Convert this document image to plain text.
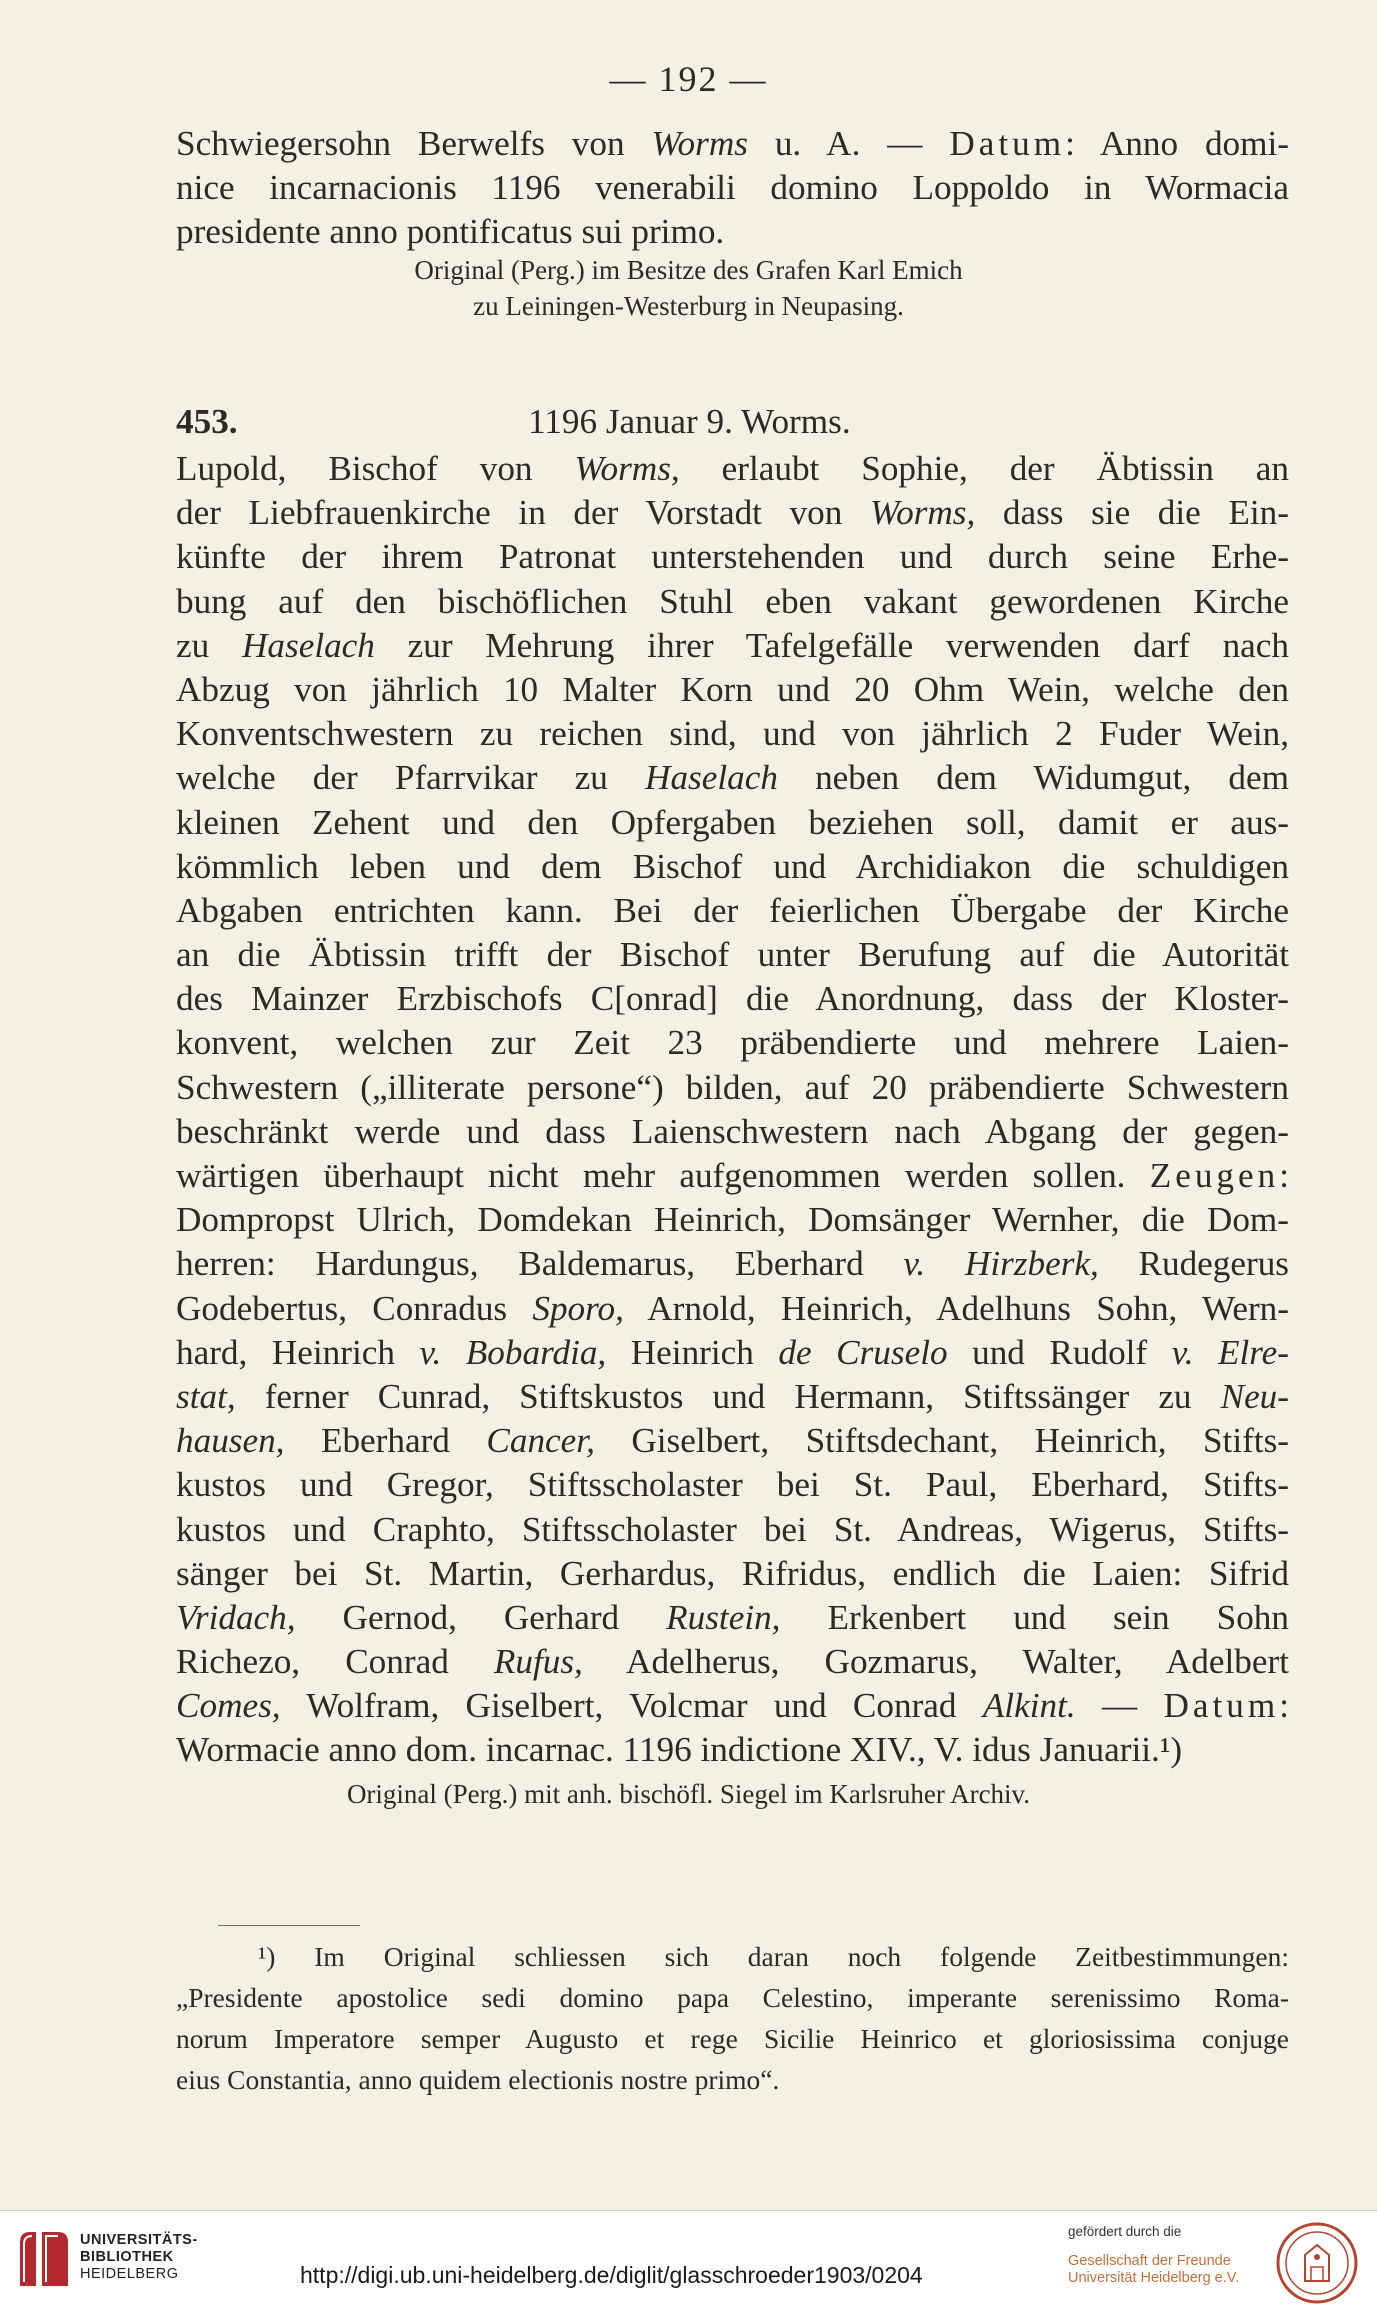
— 192 —
Schwiegersohn Berwelfs von Worms u. A. — Datum: Anno domi-
nice incarnacionis 1196 venerabili domino Loppoldo in Wormacia
presidente anno pontificatus sui primo.
Original (Perg.) im Besitze des Grafen Karl Emich
zu Leiningen-Westerburg in Neupasing.
453.	1196 Januar 9. Worms.
Lupold, Bischof von Worms, erlaubt Sophie, der Äbtissin an
der Liebfrauenkirche in der Vorstadt von Worms, dass sie die Ein-
künfte der ihrem Patronat unterstehenden und durch seine Erhe-
bung auf den bischöflichen Stuhl eben vakant gewordenen Kirche
zu Haselach zur Mehrung ihrer Tafelgefälle verwenden darf nach
Abzug von jährlich 10 Malter Korn und 20 Ohm Wein, welche den
Konventschwestern zu reichen sind, und von jährlich 2 Fuder Wein,
welche der Pfarrvikar zu Haselach neben dem Widumgut, dem
kleinen Zehent und den Opfergaben beziehen soll, damit er aus-
kömmlich leben und dem Bischof und Archidiakon die schuldigen
Abgaben entrichten kann. Bei der feierlichen Übergabe der Kirche
an die Äbtissin trifft der Bischof unter Berufung auf die Autorität
des Mainzer Erzbischofs C[onrad] die Anordnung, dass der Kloster-
konvent, welchen zur Zeit 23 präbendierte und mehrere Laien-
Schwestern („illiterate persone“) bilden, auf 20 präbendierte Schwestern
beschränkt werde und dass Laienschwestern nach Abgang der gegen-
wärtigen überhaupt nicht mehr aufgenommen werden sollen. Zeugen:
Dompropst Ulrich, Domdekan Heinrich, Domsänger Wernher, die Dom-
herren: Hardungus, Baldemarus, Eberhard v. Hirzberk, Rudegerus
Godebertus, Conradus Sporo, Arnold, Heinrich, Adelhuns Sohn, Wern-
hard, Heinrich v. Bobardia, Heinrich de Cruselo und Rudolf v. Elre-
stat, ferner Cunrad, Stiftskustos und Hermann, Stiftssänger zu Neu-
hausen, Eberhard Cancer, Giselbert, Stiftsdechant, Heinrich, Stifts-
kustos und Gregor, Stiftsscholaster bei St. Paul, Eberhard, Stifts-
kustos und Craphto, Stiftsscholaster bei St. Andreas, Wigerus, Stifts-
sänger bei St. Martin, Gerhardus, Rifridus, endlich die Laien: Sifrid
Vridach, Gernod, Gerhard Rustein, Erkenbert und sein Sohn
Richezo, Conrad Rufus, Adelherus, Gozmarus, Walter, Adelbert
Comes, Wolfram, Giselbert, Volcmar und Conrad Alkint. — Datum:
Wormacie anno dom. incarnac. 1196 indictione XIV., V. idus Januarii.¹)
Original (Perg.) mit anh. bischöfl. Siegel im Karlsruher Archiv.
¹) Im Original schliessen sich daran noch folgende Zeitbestimmungen:
„Presidente apostolice sedi domino papa Celestino, imperante serenissimo Roma-
norum Imperatore semper Augusto et rege Sicilie Heinrico et gloriosissima conjuge
eius Constantia, anno quidem electionis nostre primo“.
UNIVERSITÄTS-
BIBLIOTHEK
HEIDELBERG	http://digi.ub.uni-heidelberg.de/diglit/glasschroeder1903/0204
gefördert durch die
Gesellschaft der Freunde
Universität Heidelberg e.V.
